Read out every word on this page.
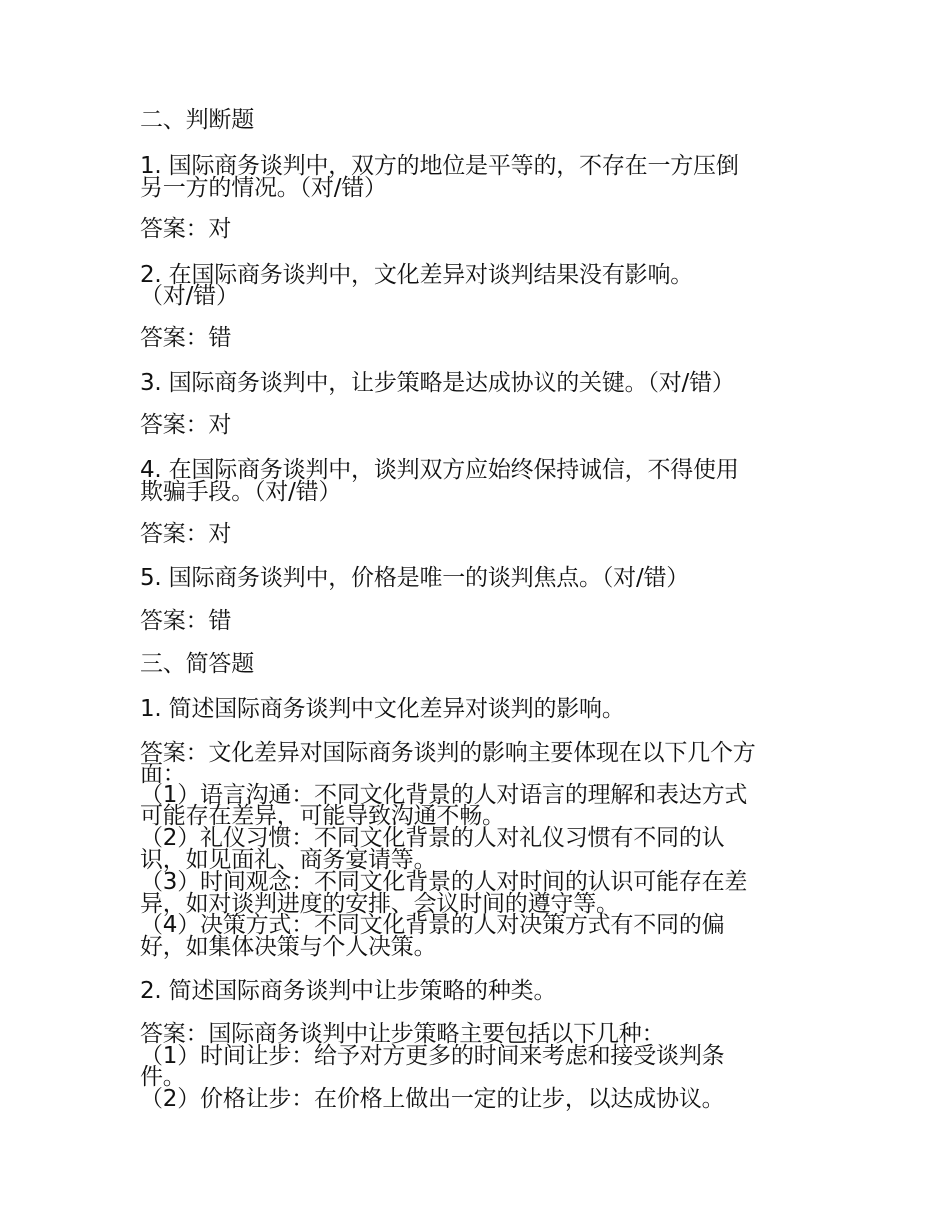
二、判断题
1. 国际商务谈判中，双方的地位是平等的，不存在一方压倒
另一方的情况。（对/错）
答案：对
2. 在国际商务谈判中，文化差异对谈判结果没有影响。
（对/错）
答案：错
3. 国际商务谈判中，让步策略是达成协议的关键。（对/错）
答案：对
4. 在国际商务谈判中，谈判双方应始终保持诚信，不得使用
欺骗手段。（对/错）
答案：对
5. 国际商务谈判中，价格是唯一的谈判焦点。（对/错）
答案：错
三、简答题
1. 简述国际商务谈判中文化差异对谈判的影响。
答案：文化差异对国际商务谈判的影响主要体现在以下几个方
面：
（1）语言沟通：不同文化背景的人对语言的理解和表达方式
可能存在差异，可能导致沟通不畅。
（2）礼仪习惯：不同文化背景的人对礼仪习惯有不同的认
识，如见面礼、商务宴请等。
（3）时间观念：不同文化背景的人对时间的认识可能存在差
异，如对谈判进度的安排、会议时间的遵守等。
（4）决策方式：不同文化背景的人对决策方式有不同的偏
好，如集体决策与个人决策。
2. 简述国际商务谈判中让步策略的种类。
答案：国际商务谈判中让步策略主要包括以下几种：
（1）时间让步：给予对方更多的时间来考虑和接受谈判条
件。
（2）价格让步：在价格上做出一定的让步，以达成协议。
